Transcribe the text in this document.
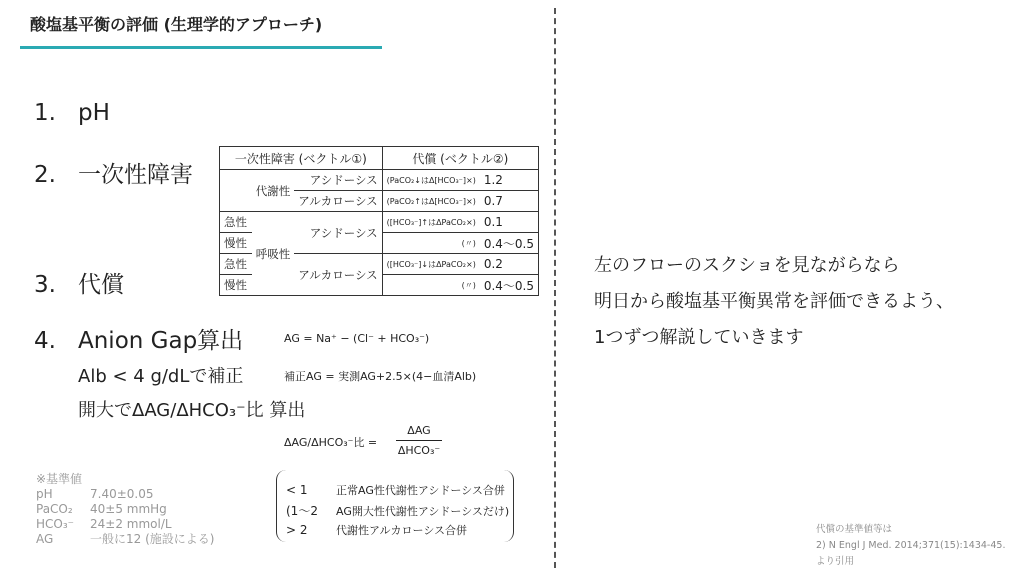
酸塩基平衡の評価 (生理学的アプローチ)
1. pH
2. 一次性障害
3. 代償
4. Anion Gap算出	AG = Na⁺ − (Cl⁻ + HCO₃⁻)
Alb < 4 g/dLで補正	補正AG = 実測AG+2.5×(4−血清Alb)
開大でΔAG/ΔHCO₃⁻比 算出
ΔAG/ΔHCO₃⁻比 =
ΔAG
ΔHCO₃⁻
一次性障害 (ベクトル①)			代償 (ベクトル②)	
	代謝性	アシドーシス	(PaCO₂↓はΔ[HCO₃⁻]×)	1.2
		アルカローシス	(PaCO₂↑はΔ[HCO₃⁻]×)	0.7
急性	呼吸性	アシドーシス	([HCO₃⁻]↑はΔPaCO₂×)	0.1
慢性			(〃)	0.4〜0.5
急性		アルカローシス	([HCO₃⁻]↓はΔPaCO₂×)	0.2
慢性			(〃)	0.4〜0.5
※基準値
pH	7.40±0.05
PaCO₂ 40±5 mmHg
HCO₃⁻ 24±2 mmol/L
AG	一般に12 (施設による)
< 1	正常AG性代謝性アシドーシス合併
(1〜2 AG開大性代謝性アシドーシスだけ)
> 2	代謝性アルカローシス合併
左のフローのスクショを見ながらなら
明日から酸塩基平衡異常を評価できるよう、
1つずつ解説していきます
代償の基準値等は
2) N Engl J Med. 2014;371(15):1434-45.
より引用
